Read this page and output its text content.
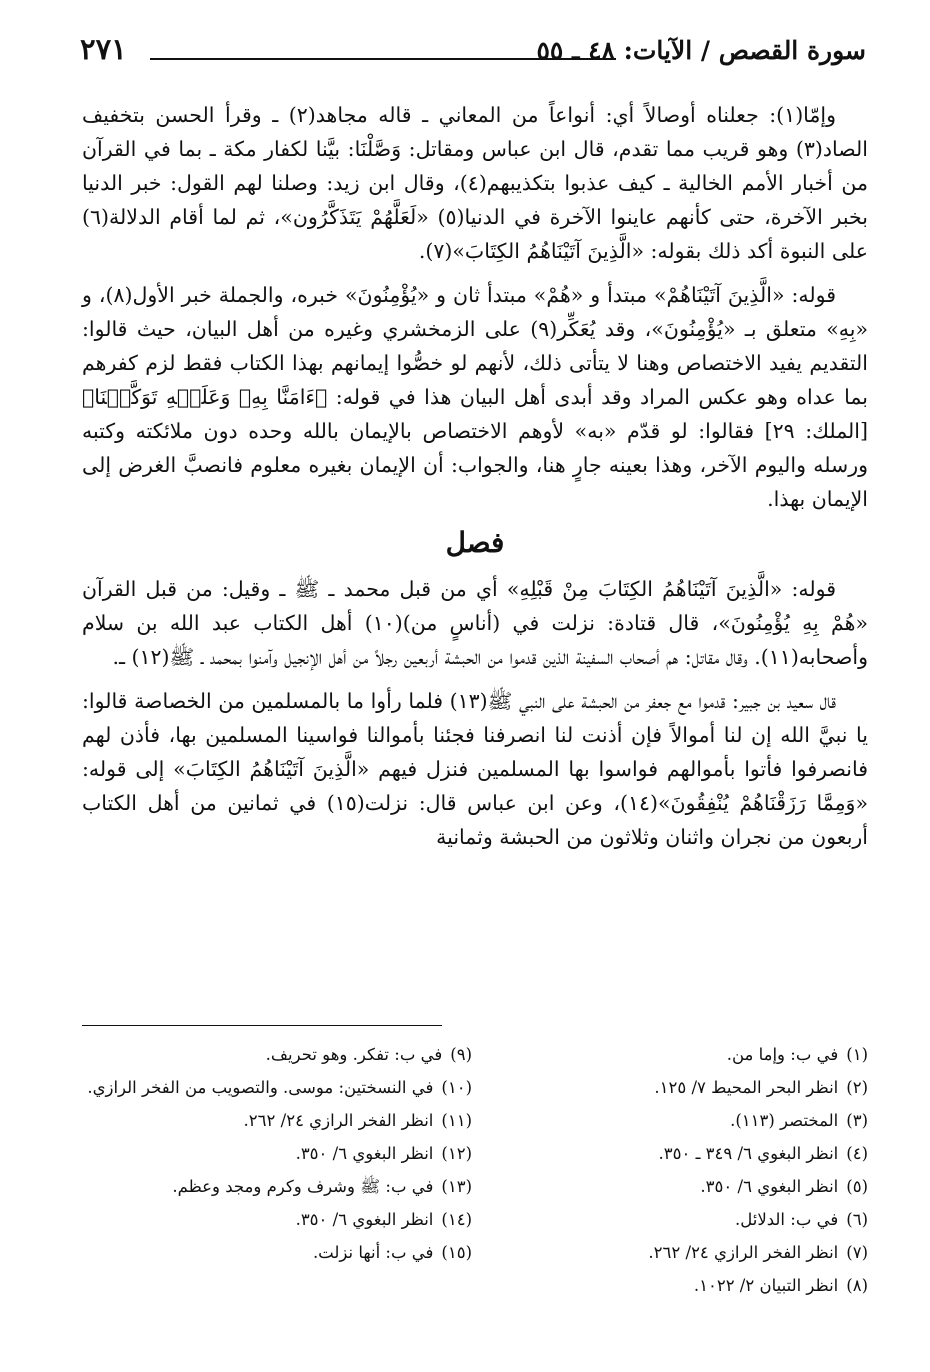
سورة القصص / الآيات: ٤٨ ـ ٥٥
٢٧١

وإمّا(١): جعلناه أوصالاً أي: أنواعاً من المعاني ـ قاله مجاهد(٢) ـ وقرأ الحسن بتخفيف الصاد(٣) وهو قريب مما تقدم، قال ابن عباس ومقاتل: وَصَّلْنَا: بيَّنا لكفار مكة ـ بما في القرآن من أخبار الأمم الخالية ـ كيف عذبوا بتكذيبهم(٤)، وقال ابن زيد: وصلنا لهم القول: خبر الدنيا بخبر الآخرة، حتى كأنهم عاينوا الآخرة في الدنيا(٥) «لَعَلَّهُمْ يَتَذَكَّرُون»، ثم لما أقام الدلالة(٦) على النبوة أكد ذلك بقوله: «الَّذِينَ آتَيْنَاهُمُ الكِتَابَ»(٧).

قوله: «الَّذِينَ آتَيْنَاهُمْ» مبتدأ و «هُمْ» مبتدأ ثان و «يُؤْمِنُونَ» خبره، والجملة خبر الأول(٨)، و «بِهِ» متعلق بـ «يُؤْمِنُونَ»، وقد يُعَكِّر(٩) على الزمخشري وغيره من أهل البيان، حيث قالوا: التقديم يفيد الاختصاص وهنا لا يتأتى ذلك، لأنهم لو خصُّوا إيمانهم بهذا الكتاب فقط لزم كفرهم بما عداه وهو عكس المراد وقد أبدى أهل البيان هذا في قوله: ﴿ءَامَنَّا بِهِۦ وَعَلَيۡهِ تَوَكَّلۡنَا﴾ [الملك: ٢٩] فقالوا: لو قدّم «به» لأوهم الاختصاص بالإيمان بالله وحده دون ملائكته وكتبه ورسله واليوم الآخر، وهذا بعينه جارٍ هنا، والجواب: أن الإيمان بغيره معلوم فانصبَّ الغرض إلى الإيمان بهذا.

فصل

قوله: «الَّذِينَ آتَيْنَاهُمُ الكِتَابَ مِنْ قَبْلِهِ» أي من قبل محمد ـ ﷺ ـ وقيل: من قبل القرآن «هُمْ بِهِ يُؤْمِنُونَ»، قال قتادة: نزلت في (أناسٍ من)(١٠) أهل الكتاب عبد الله بن سلام وأصحابه(١١). وقال مقاتل: هم أصحاب السفينة الذين قدموا من الحبشة أربعين رجلاً من أهل الإنجيل وآمنوا بمحمد ـ ﷺ(١٢) ـ.

قال سعيد بن جبير: قدموا مع جعفر من الحبشة على النبي ﷺ(١٣) فلما رأوا ما بالمسلمين من الخصاصة قالوا: يا نبيَّ الله إن لنا أموالاً فإن أذنت لنا انصرفنا فجئنا بأموالنا فواسينا المسلمين بها، فأذن لهم فانصرفوا فأتوا بأموالهم فواسوا بها المسلمين فنزل فيهم «الَّذِينَ آتَيْنَاهُمُ الكِتَابَ» إلى قوله: «وَمِمَّا رَزَقْنَاهُمْ يُنْفِقُونَ»(١٤)، وعن ابن عباس قال: نزلت(١٥) في ثمانين من أهل الكتاب أربعون من نجران واثنان وثلاثون من الحبشة وثمانية

(١)
في ب: وإما من.
(٢)
انظر البحر المحيط ٧/ ١٢٥.
(٣)
المختصر (١١٣).
(٤)
انظر البغوي ٦/ ٣٤٩ ـ ٣٥٠.
(٥)
انظر البغوي ٦/ ٣٥٠.
(٦)
في ب: الدلائل.
(٧)
انظر الفخر الرازي ٢٤/ ٢٦٢.
(٨)
انظر التبيان ٢/ ١٠٢٢.
(٩)
في ب: تفكر. وهو تحريف.
(١٠)
في النسختين: موسى. والتصويب من الفخر الرازي.
(١١)
انظر الفخر الرازي ٢٤/ ٢٦٢.
(١٢)
انظر البغوي ٦/ ٣٥٠.
(١٣)
في ب: ﷺ وشرف وكرم ومجد وعظم.
(١٤)
انظر البغوي ٦/ ٣٥٠.
(١٥)
في ب: أنها نزلت.
